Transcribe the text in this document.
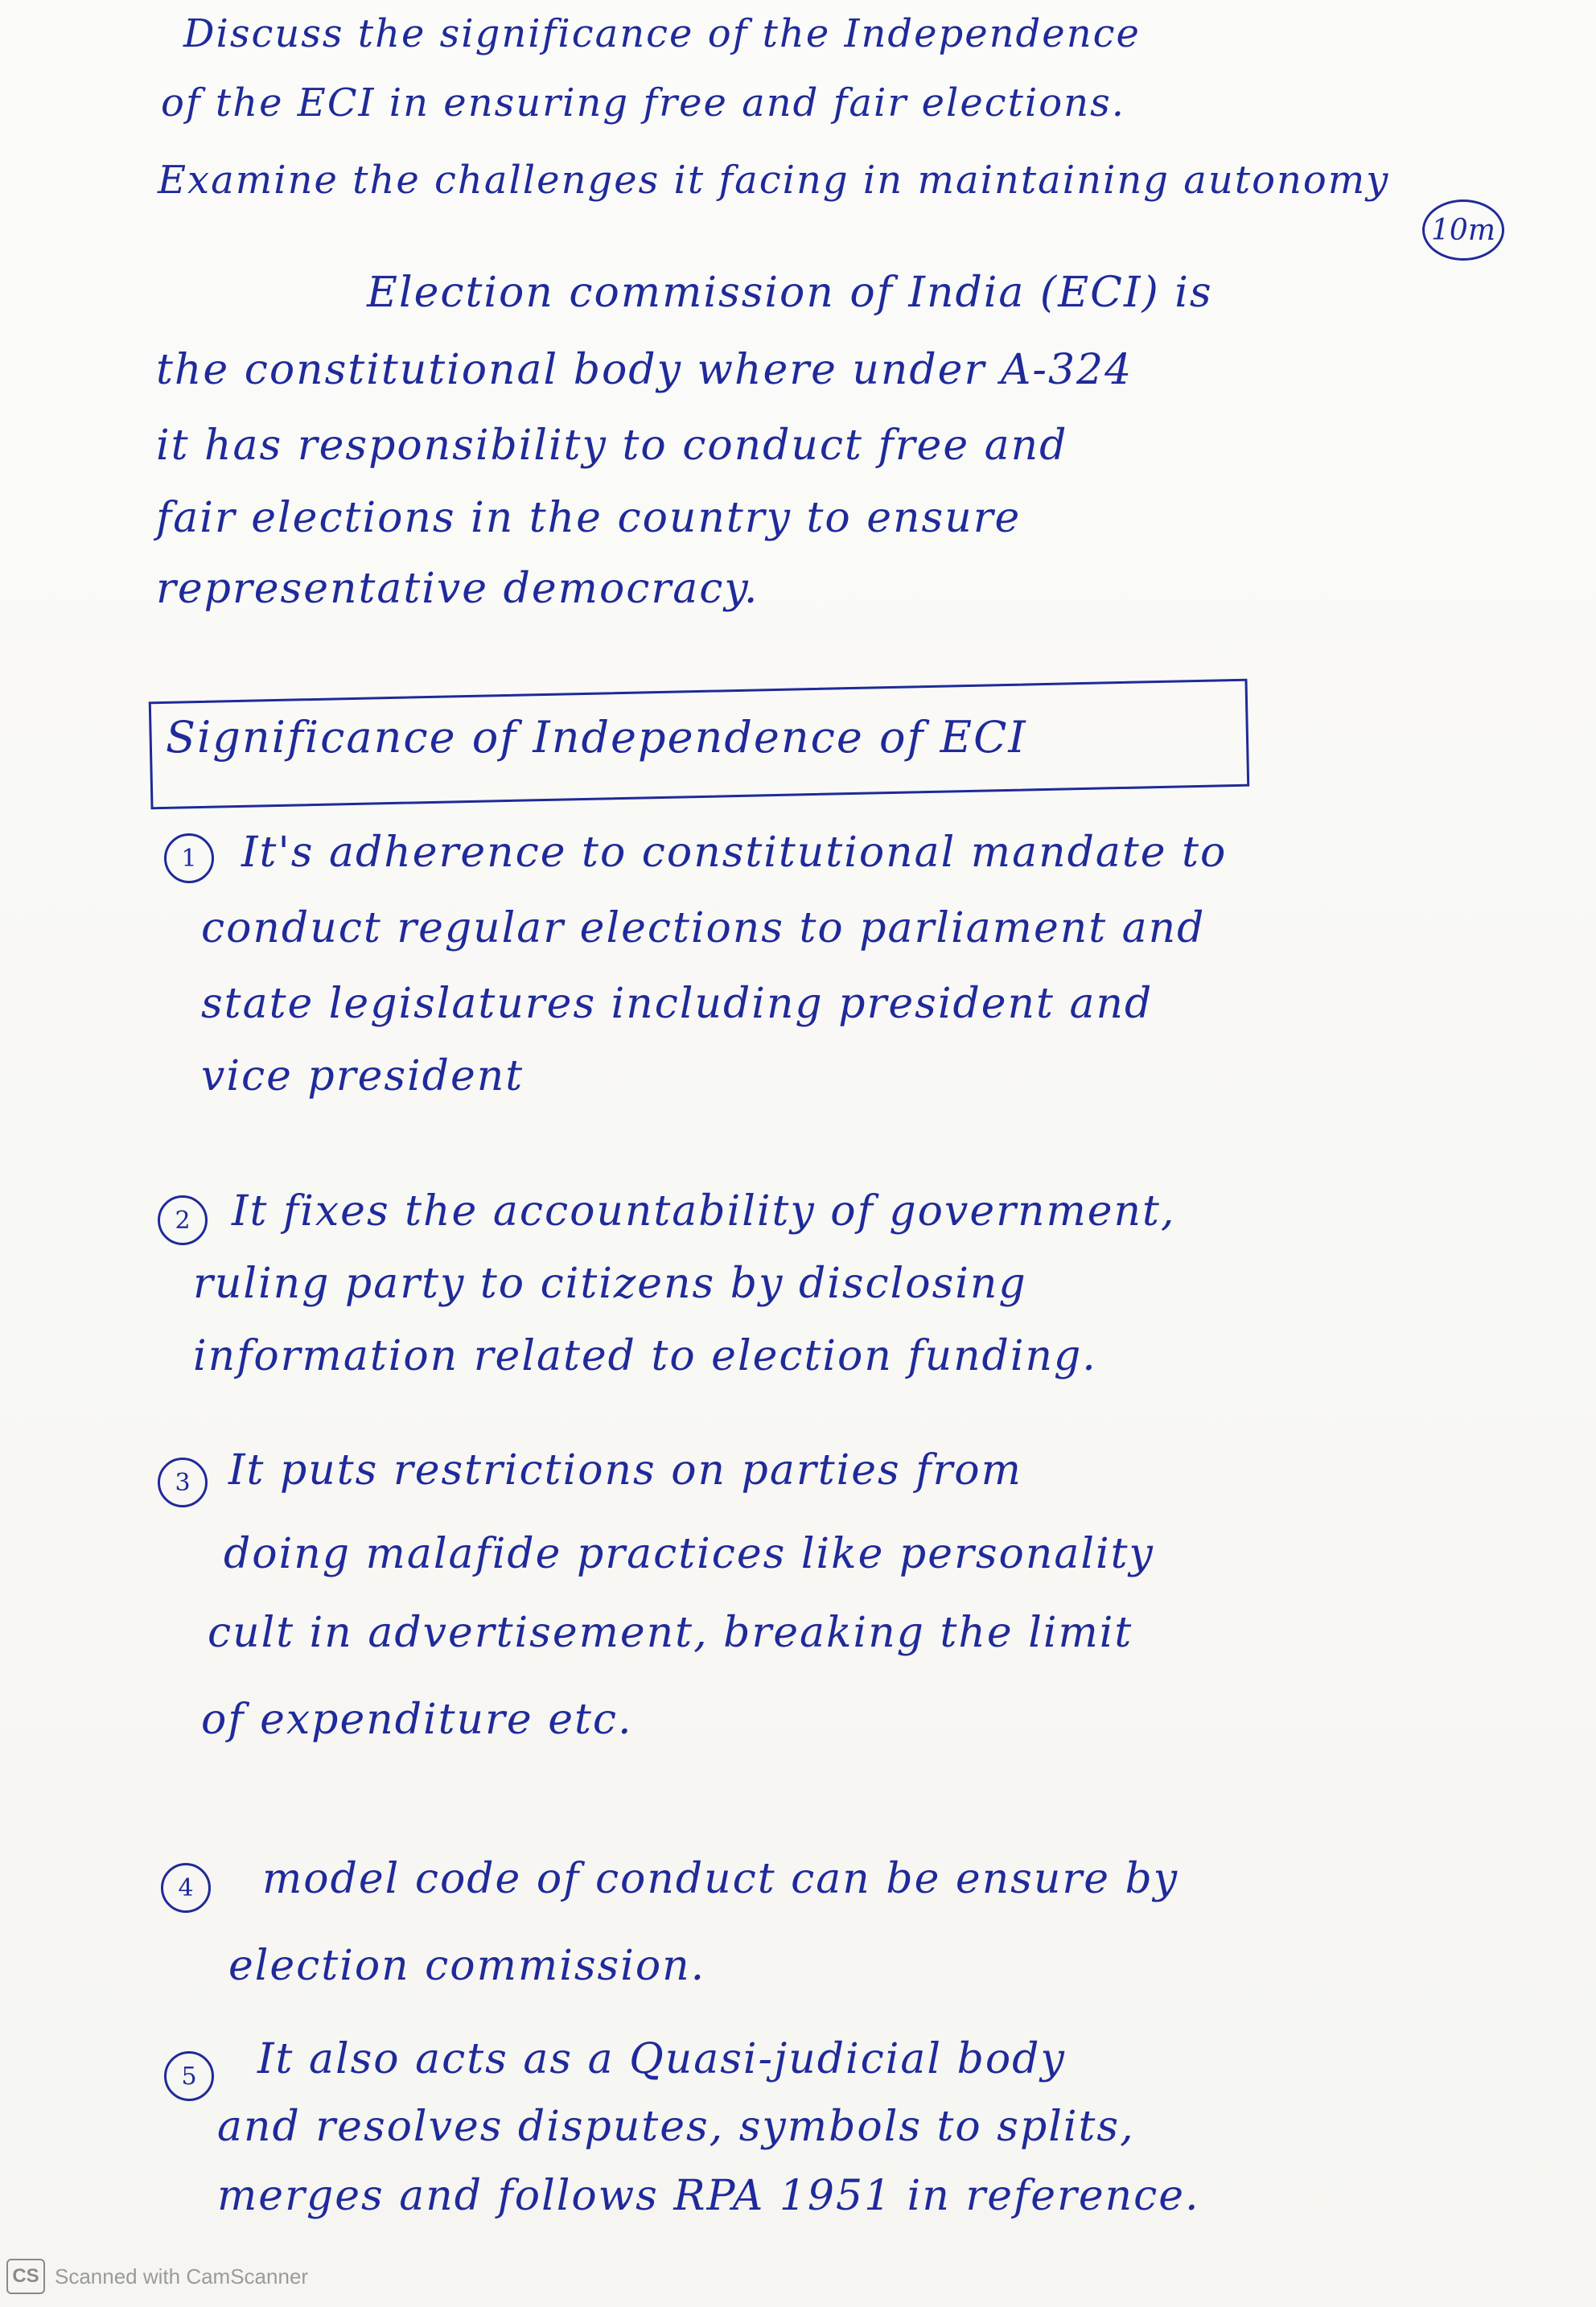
Discuss the significance of the Independence
of the ECI in ensuring free and fair elections.
Examine the challenges it facing in maintaining autonomy
10m
Election commission of India (ECI) is
the constitutional body where under A-324
it has responsibility to conduct free and
fair elections in the country to ensure
representative democracy.
Significance of Independence of ECI
1	It's adherence to constitutional mandate to
conduct regular elections to parliament and
state legislatures including president and
vice president
2 It fixes the accountability of government,
ruling party to citizens by disclosing
information related to election funding.
3 It puts restrictions on parties from
doing malafide practices like personality
cult in advertisement, breaking the limit
of expenditure etc.
4	model code of conduct can be ensure by
election commission.
5	It also acts as a Quasi-judicial body
and resolves disputes, symbols to splits,
merges and follows RPA 1951 in reference.
CS Scanned with CamScanner
